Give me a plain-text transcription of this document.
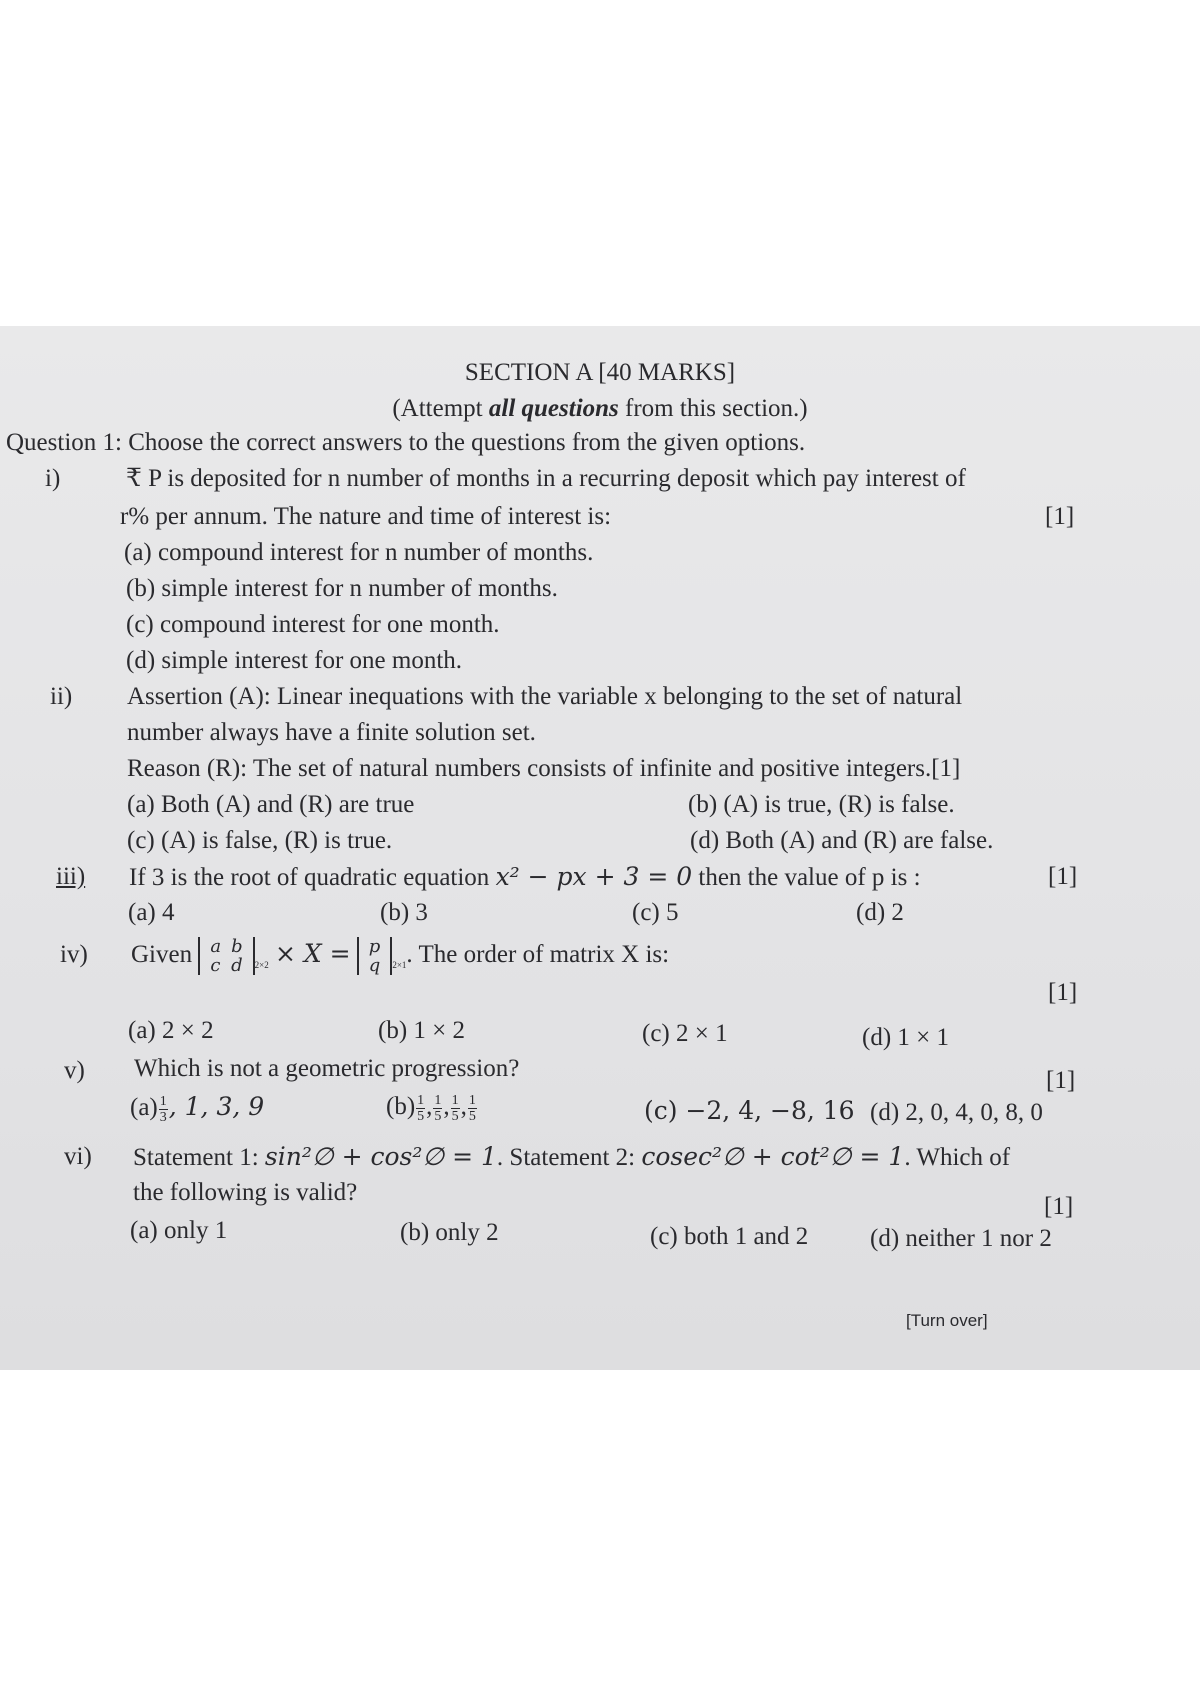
SECTION A [40 MARKS]
(Attempt all questions from this section.)
Question 1: Choose the correct answers to the questions from the given options.
i)	₹ P is deposited for n number of months in a recurring deposit which pay interest of
r% per annum. The nature and time of interest is:	[1]
(a) compound interest for n number of months.
(b) simple interest for n number of months.
(c) compound interest for one month.
(d) simple interest for one month.
ii) Assertion (A): Linear inequations with the variable x belonging to the set of natural
number always have a finite solution set.
Reason (R): The set of natural numbers consists of infinite and positive integers.[1]
(a) Both (A) and (R) are true	(b) (A) is true, (R) is false.
(c) (A) is false, (R) is true.	(d) Both (A) and (R) are false.
iii) If 3 is the root of quadratic equation x² − px + 3 = 0 then the value of p is :	[1]
(a) 4	(b) 3	(c) 5	(d) 2
iv) Given a	b
c	d $_{2\times 2}$ × X = p
q $_{2\times 1}$. The order of matrix X is:
[1]
(a) 2 × 2	(b) 1 × 2	(c) 2 × 1	(d) 1 × 1
v) Which is not a geometric progression?	[1]
$(a) \frac{1}{3}$ , 1, 3, 9	$(b) \frac{1}{5}$ , $\frac{1}{5}$ , $\frac{1}{5}$ , $\frac{1}{5}$	(c) −2, 4, −8, 16 (d) 2, 0, 4, 0, 8, 0
vi) Statement 1: sin²∅ + cos²∅ = 1. Statement 2: cosec²∅ + cot²∅ = 1. Which of
the following is valid?
[1]
(a) only 1	(b) only 2	(c) both 1 and 2 (d) neither 1 nor 2
[Turn over]
